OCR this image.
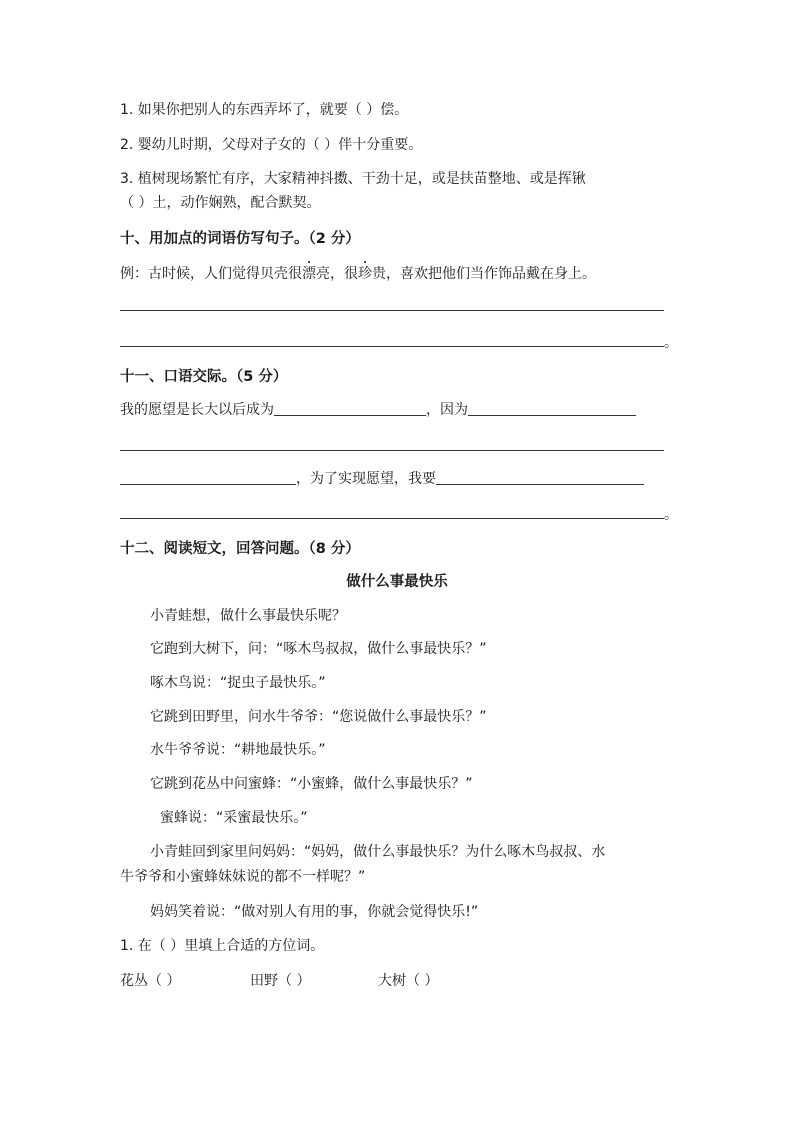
1. 如果你把别人的东西弄坏了，就要（ ）偿。
2. 婴幼儿时期，父母对子女的（ ）伴十分重要。
3. 植树现场繁忙有序，大家精神抖擞、干劲十足，或是扶苗整地、或是挥锹
（ ）土，动作娴熟，配合默契。
十、用加点的词语仿写句子。（2 分）
例：古时候，人们觉得贝壳很
漂亮，很
珍贵，喜欢把他们当作饰品戴在身上。
。
十一、口语交际。（5 分）
我的愿望是长大以后成为	，因为
，为了实现愿望，我要
。
十二、阅读短文，回答问题。（8 分）
做什么事最快乐
小青蛙想，做什么事最快乐呢？
它跑到大树下，问：“啄木鸟叔叔，做什么事最快乐？”
啄木鸟说：“捉虫子最快乐。”
它跳到田野里，问水牛爷爷：“您说做什么事最快乐？”
水牛爷爷说：“耕地最快乐。”
它跳到花丛中问蜜蜂：“小蜜蜂，做什么事最快乐？”
蜜蜂说：“采蜜最快乐。”
小青蛙回到家里问妈妈：“妈妈，做什么事最快乐？为什么啄木鸟叔叔、水
牛爷爷和小蜜蜂妹妹说的都不一样呢？”
妈妈笑着说：“做对别人有用的事，你就会觉得快乐!”
1. 在（ ）里填上合适的方位词。
花丛（ ）	田野（ ）	大树（ ）
